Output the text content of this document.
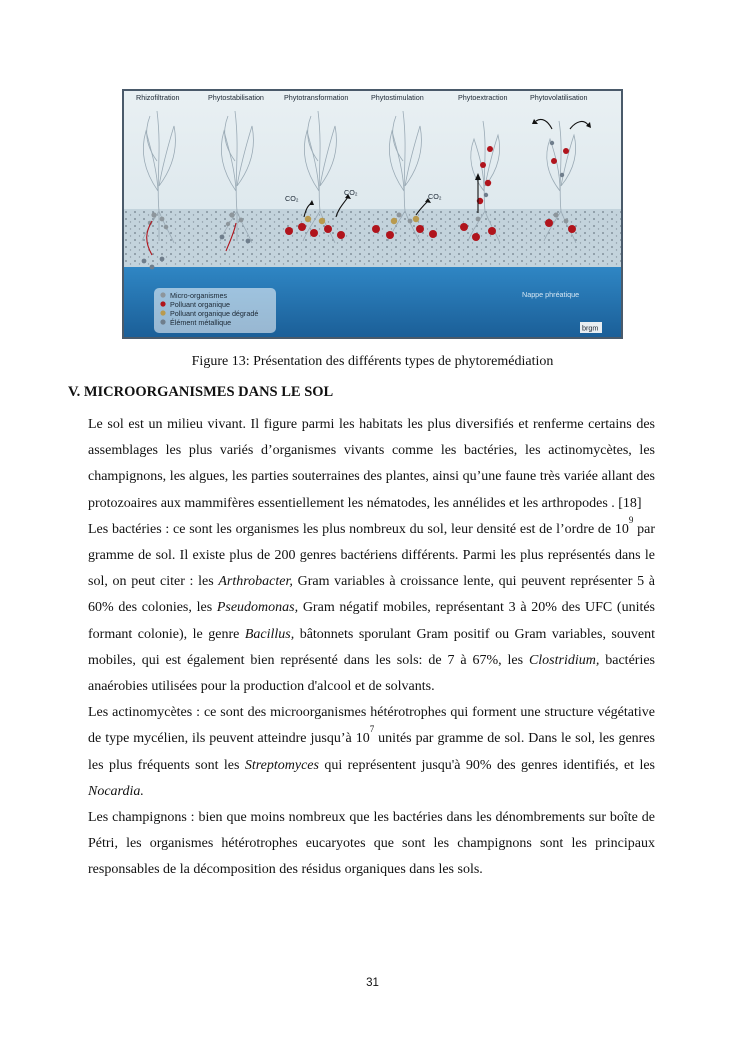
Rhizofiltration	Phytostabilisation	Phytotransformation	Phytostimulation	Phytoextraction	Phytovolatilisation
CO₂
CO₂	CO₂
Nappe phréatique
Micro-organismes
Polluant organique
Polluant organique dégradé
Élément métallique
brgm
Figure 13: Présentation des différents types de phytoremédiation
V. MICROORGANISMES DANS LE SOL

Le sol est un milieu vivant. Il figure parmi les habitats les plus diversifiés et renferme certains des assemblages les plus variés d’organismes vivants comme les bactéries, les actinomycètes, les champignons, les algues, les parties souterraines des plantes, ainsi qu’une faune très variée allant des protozoaires aux mammifères essentiellement les nématodes, les annélides et les arthropodes . [18]

Les bactéries : ce sont les organismes les plus nombreux du sol, leur densité est de l’ordre de $10^9$ par gramme de sol. Il existe plus de 200 genres bactériens différents. Parmi les plus représentés dans le sol, on peut citer : les Arthrobacter, Gram variables à croissance lente, qui peuvent représenter 5 à 60% des colonies, les Pseudomonas, Gram négatif mobiles, représentant 3 à 20% des UFC (unités formant colonie), le genre Bacillus, bâtonnets sporulant Gram positif ou Gram variables, souvent mobiles, qui est également bien représenté dans les sols: de 7 à 67%, les Clostridium, bactéries anaérobies utilisées pour la production d'alcool et de solvants.

Les actinomycètes : ce sont des microorganismes hétérotrophes qui forment une structure végétative de type mycélien, ils peuvent atteindre jusqu’à $10^7$ unités par gramme de sol. Dans le sol, les genres les plus fréquents sont les Streptomyces qui représentent jusqu'à 90% des genres identifiés, et les Nocardia.

Les champignons : bien que moins nombreux que les bactéries dans les dénombrements sur boîte de Pétri, les organismes hétérotrophes eucaryotes que sont les champignons sont les principaux responsables de la décomposition des résidus organiques dans les sols.

31
